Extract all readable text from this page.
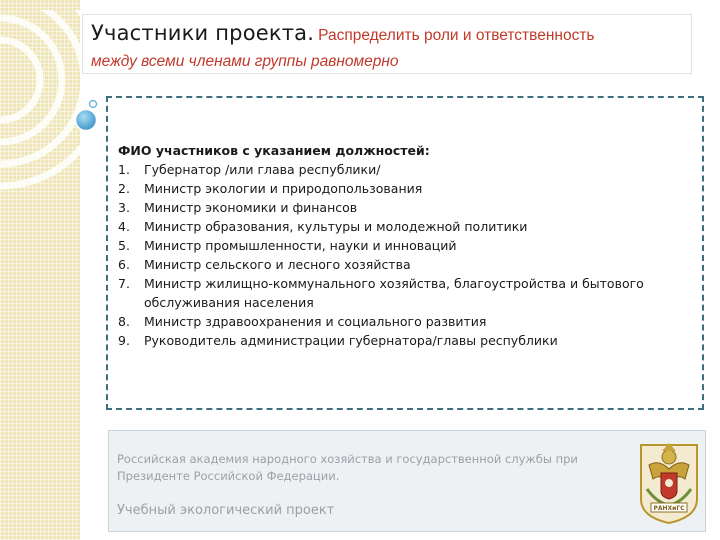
Участники проекта. Распределить роли и ответственность
между всеми членами группы равномерно
ФИО участников с указанием должностей:
1. Губернатор /или глава республики/
2. Министр экологии и природопользования
3. Министр экономики и финансов
4. Министр образования, культуры и молодежной политики
5. Министр промышленности, науки и инноваций
6. Министр сельского и лесного хозяйства
7. Министр жилищно-коммунального хозяйства, благоустройства и бытового обслуживания населения
8. Министр здравоохранения и социального развития
9. Руководитель администрации губернатора/главы республики
Российская академия народного хозяйства и государственной службы при Президенте Российской Федерации.
Учебный экологический проект	РАНХиГС
